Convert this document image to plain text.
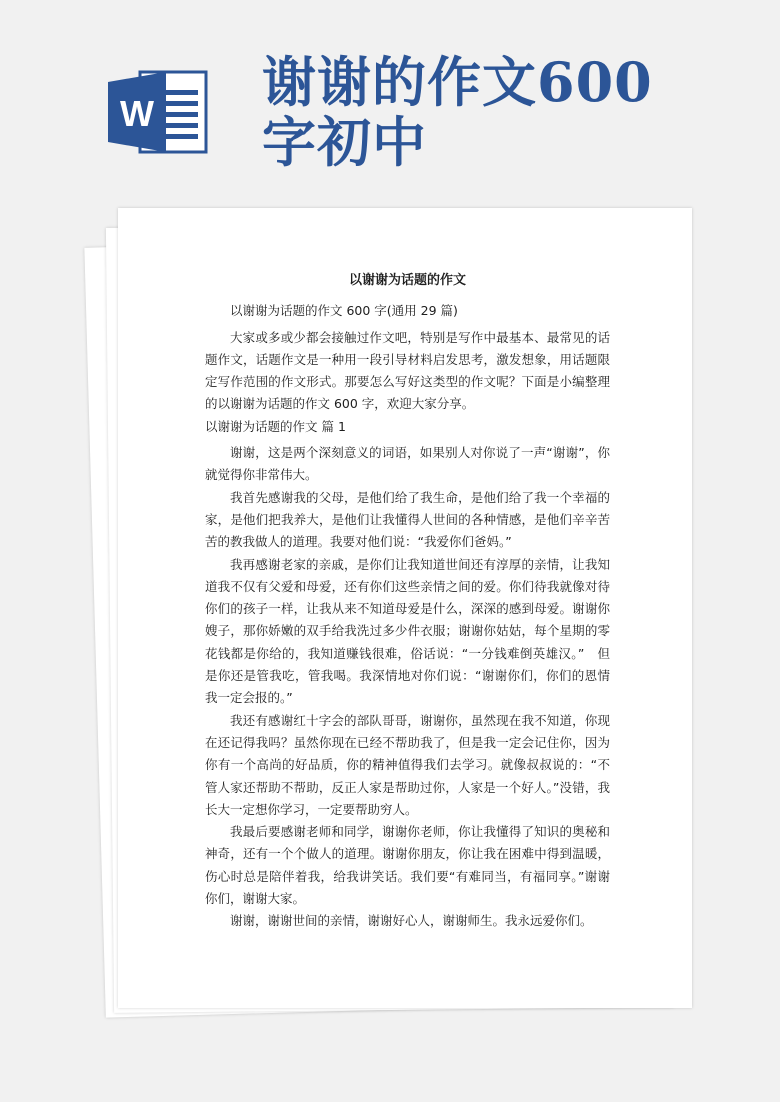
W 谢谢的作文600字初中
以谢谢为话题的作文

以谢谢为话题的作文 600 字(通用 29 篇)

大家或多或少都会接触过作文吧，特别是写作中最基本、最常见的话题作文，话题作文是一种用一段引导材料启发思考，激发想象，用话题限定写作范围的作文形式。那要怎么写好这类型的作文呢？下面是小编整理的以谢谢为话题的作文 600 字，欢迎大家分享。

以谢谢为话题的作文 篇 1

谢谢，这是两个深刻意义的词语，如果别人对你说了一声“谢谢”，你就觉得你非常伟大。

我首先感谢我的父母，是他们给了我生命，是他们给了我一个幸福的家，是他们把我养大，是他们让我懂得人世间的各种情感，是他们辛辛苦苦的教我做人的道理。我要对他们说：“我爱你们爸妈。”

我再感谢老家的亲戚，是你们让我知道世间还有淳厚的亲情，让我知道我不仅有父爱和母爱，还有你们这些亲情之间的爱。你们待我就像对待你们的孩子一样，让我从来不知道母爱是什么，深深的感到母爱。谢谢你嫂子，那你娇嫩的双手给我洗过多少件衣服；谢谢你姑姑，每个星期的零花钱都是你给的，我知道赚钱很难，俗话说：“一分钱难倒英雄汉。”　但是你还是管我吃，管我喝。我深情地对你们说：“谢谢你们，你们的恩情我一定会报的。”

我还有感谢红十字会的部队哥哥，谢谢你，虽然现在我不知道，你现在还记得我吗？虽然你现在已经不帮助我了，但是我一定会记住你，因为你有一个高尚的好品质，你的精神值得我们去学习。就像叔叔说的：“不管人家还帮助不帮助，反正人家是帮助过你，人家是一个好人。”没错，我长大一定想你学习，一定要帮助穷人。

我最后要感谢老师和同学，谢谢你老师，你让我懂得了知识的奥秘和神奇，还有一个个做人的道理。谢谢你朋友，你让我在困难中得到温暖，伤心时总是陪伴着我，给我讲笑话。我们要“有难同当，有福同享。”谢谢你们，谢谢大家。

谢谢，谢谢世间的亲情，谢谢好心人，谢谢师生。我永远爱你们。
